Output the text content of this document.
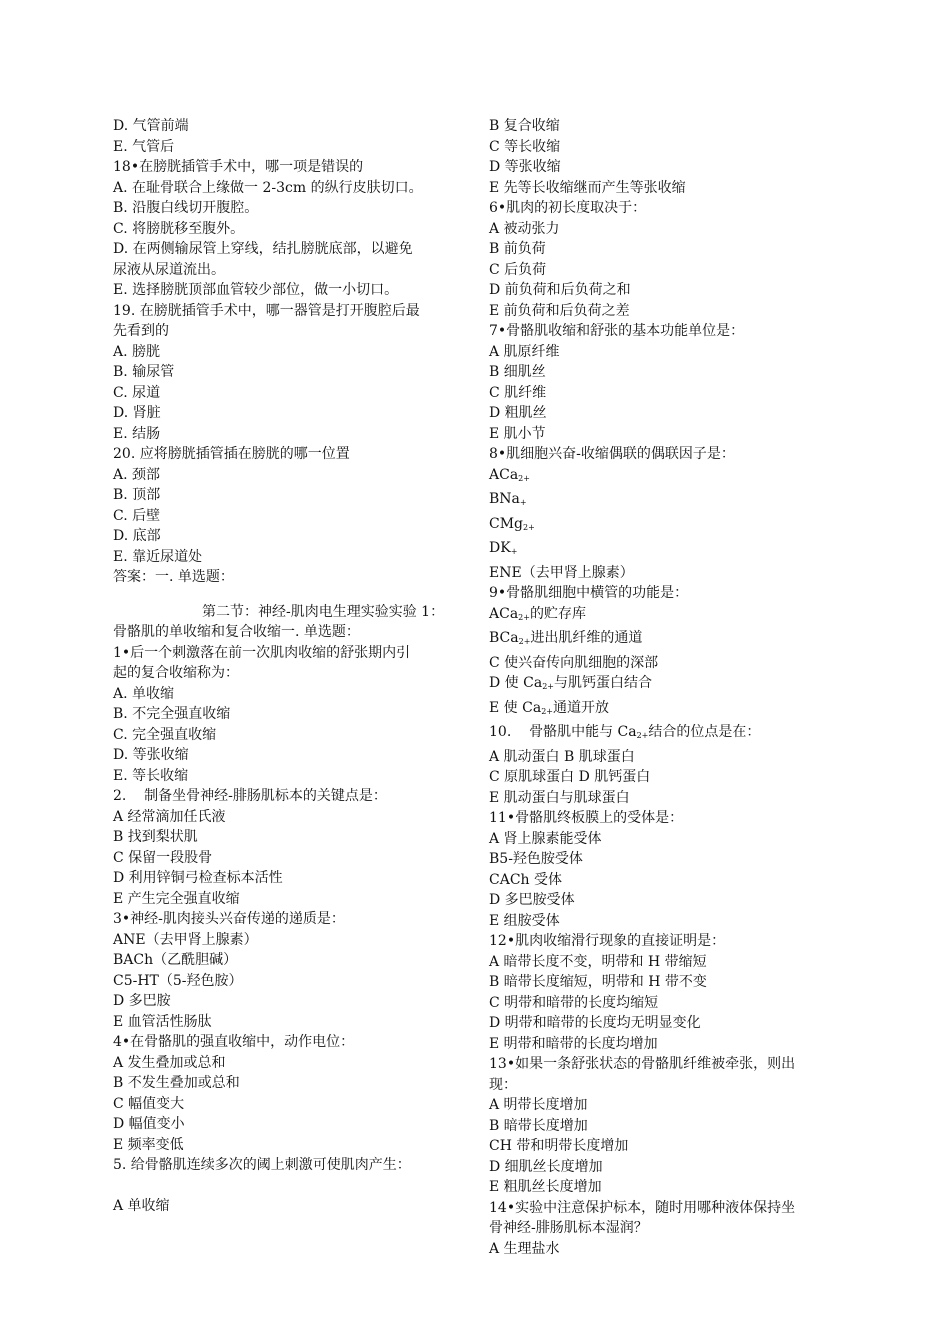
D. 气管前端
E. 气管后
18•在膀胱插管手术中，哪一项是错误的
A. 在耻骨联合上缘做一 2-3cm 的纵行皮肤切口。
B. 沿腹白线切开腹腔。
C. 将膀胱移至腹外。
D. 在两侧输尿管上穿线，结扎膀胱底部，以避免
尿液从尿道流出。
E. 选择膀胱顶部血管较少部位，做一小切口。
19. 在膀胱插管手术中，哪一器管是打开腹腔后最
先看到的
A. 膀胱
B. 输尿管
C. 尿道
D. 肾脏
E. 结肠
20. 应将膀胱插管插在膀胱的哪一位置
A. 颈部
B. 顶部
C. 后壁
D. 底部
E. 靠近尿道处
答案：一. 单选题：
第二节：神经-肌肉电生理实验实验 1：
骨骼肌的单收缩和复合收缩一. 单选题：
1•后一个刺激落在前一次肌肉收缩的舒张期内引
起的复合收缩称为：
A. 单收缩
B. 不完全强直收缩
C. 完全强直收缩
D. 等张收缩
E. 等长收缩
2.    制备坐骨神经-腓肠肌标本的关键点是：
A 经常滴加任氏液
B 找到梨状肌
C 保留一段股骨
D 利用锌铜弓检查标本活性
E 产生完全强直收缩
3•神经-肌肉接头兴奋传递的递质是：
ANE（去甲肾上腺素）
BACh（乙酰胆碱）
C5-HT（5-羟色胺）
D 多巴胺
E 血管活性肠肽
4•在骨骼肌的强直收缩中，动作电位：
A 发生叠加或总和
B 不发生叠加或总和
C 幅值变大
D 幅值变小
E 频率变低
5. 给骨骼肌连续多次的阈上刺激可使肌肉产生：
A 单收缩
B 复合收缩
C 等长收缩
D 等张收缩
E 先等长收缩继而产生等张收缩
6•肌肉的初长度取决于：
A 被动张力
B 前负荷
C 后负荷
D 前负荷和后负荷之和
E 前负荷和后负荷之差
7•骨骼肌收缩和舒张的基本功能单位是：
A 肌原纤维
B 细肌丝
C 肌纤维
D 粗肌丝
E 肌小节
8•肌细胞兴奋-收缩偶联的偶联因子是：
ACa$_{2+}$
BNa$_+$
CMg$_{2+}$
$DK_+$
ENE（去甲肾上腺素）
9•骨骼肌细胞中横管的功能是：
ACa$_{2+}$的贮存库
BCa$_{2+}$进出肌纤维的通道
C 使兴奋传向肌细胞的深部
D 使 $Ca_{2+}$与肌钙蛋白结合
E 使 $Ca_{2+}$通道开放
10.    骨骼肌中能与 $Ca_{2+}$结合的位点是在：
A 肌动蛋白 B 肌球蛋白
C 原肌球蛋白 D 肌钙蛋白
E 肌动蛋白与肌球蛋白
11•骨骼肌终板膜上的受体是：
A 肾上腺素能受体
B5-羟色胺受体
CACh 受体
D 多巴胺受体
E 组胺受体
12•肌肉收缩滑行现象的直接证明是：
A 暗带长度不变，明带和 H 带缩短
B 暗带长度缩短，明带和 H 带不变
C 明带和暗带的长度均缩短
D 明带和暗带的长度均无明显变化
E 明带和暗带的长度均增加
13•如果一条舒张状态的骨骼肌纤维被牵张，则出
现：
A 明带长度增加
B 暗带长度增加
CH 带和明带长度增加
D 细肌丝长度增加
E 粗肌丝长度增加
14•实验中注意保护标本，随时用哪种液体保持坐
骨神经-腓肠肌标本湿润？
A 生理盐水
